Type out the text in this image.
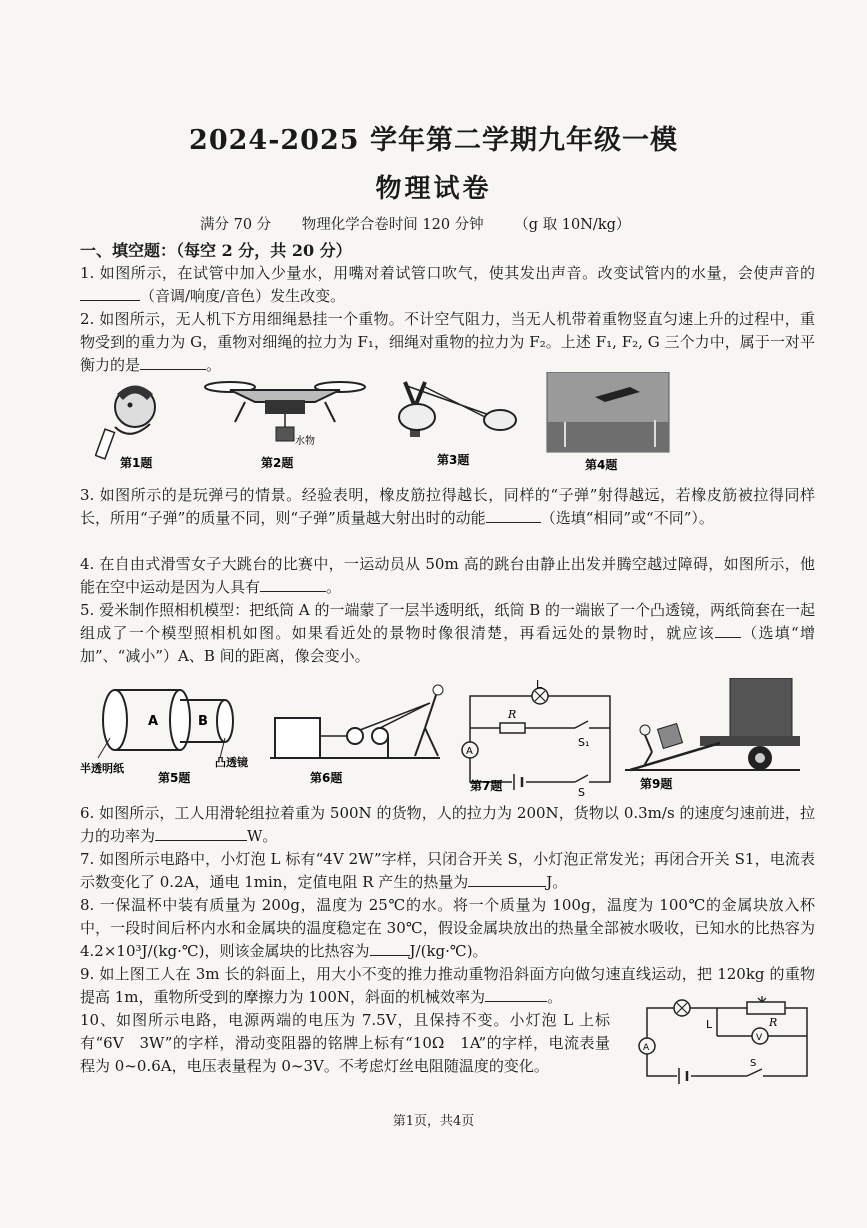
2024-2025 学年第二学期九年级一模
物理试卷
满分 70 分 物理化学合卷时间 120 分钟 （g 取 10N/kg）
一、填空题：（每空 2 分，共 20 分）
1. 如图所示，在试管中加入少量水，用嘴对着试管口吹气，使其发出声音。改变试管内的水量，会使声音的（音调/响度/音色）发生改变。
2. 如图所示，无人机下方用细绳悬挂一个重物。不计空气阻力，当无人机带着重物竖直匀速上升的过程中，重物受到的重力为 G，重物对细绳的拉力为 F₁，细绳对重物的拉力为 F₂。上述 F₁, F₂, G 三个力中，属于一对平衡力的是	。
第1题	第2题
水物
第3题	第4题
3. 如图所示的是玩弹弓的情景。经验表明，橡皮筋拉得越长，同样的“子弹”射得越远，若橡皮筋被拉得同样长，所用“子弹”的质量不同，则“子弹”质量越大射出时的动能	（选填“相同”或“不同”）。
4. 在自由式滑雪女子大跳台的比赛中，一运动员从 50m 高的跳台由静止出发并腾空越过障碍，如图所示，他能在空中运动是因为人具有	。
5. 爱米制作照相机模型：把纸筒 A 的一端蒙了一层半透明纸，纸筒 B 的一端嵌了一个凸透镜，两纸筒套在一起组成了一个模型照相机如图。如果看近处的景物时像很清楚，再看远处的景物时，就应该 （选填“增加”、“减小”）A、B 间的距离，像会变小。
A	B
半透明纸	凸透镜
第5题	第6题
L
R
A
S₁
S
第7题	第9题
6. 如图所示，工人用滑轮组拉着重为 500N 的货物，人的拉力为 200N，货物以 0.3m/s 的速度匀速前进，拉力的功率为	W。
7. 如图所示电路中，小灯泡 L 标有“4V 2W”字样，只闭合开关 S，小灯泡正常发光；再闭合开关 S1，电流表示数变化了 0.2A，通电 1min，定值电阻 R 产生的热量为	J。
8. 一保温杯中装有质量为 200g，温度为 25℃的水。将一个质量为 100g，温度为 100℃的金属块放入杯中，一段时间后杯内水和金属块的温度稳定在 30℃，假设金属块放出的热量全部被水吸收，已知水的比热容为 4.2×10³J/(kg·℃)，则该金属块的比热容为	J/(kg·℃)。
9. 如上图工人在 3m 长的斜面上，用大小不变的推力推动重物沿斜面方向做匀速直线运动，把 120kg 的重物提高 1m，重物所受到的摩擦力为 100N，斜面的机械效率为	。
10、如图所示电路，电源两端的电压为 7.5V，且保持不变。小灯泡 L 上标有“6V　3W”的字样，滑动变阻器的铭牌上标有“10Ω　1A”的字样，电流表量程为 0~0.6A，电压表量程为 0~3V。不考虑灯丝电阻随温度的变化。
L	R
V
A
S
第1页，共4页
